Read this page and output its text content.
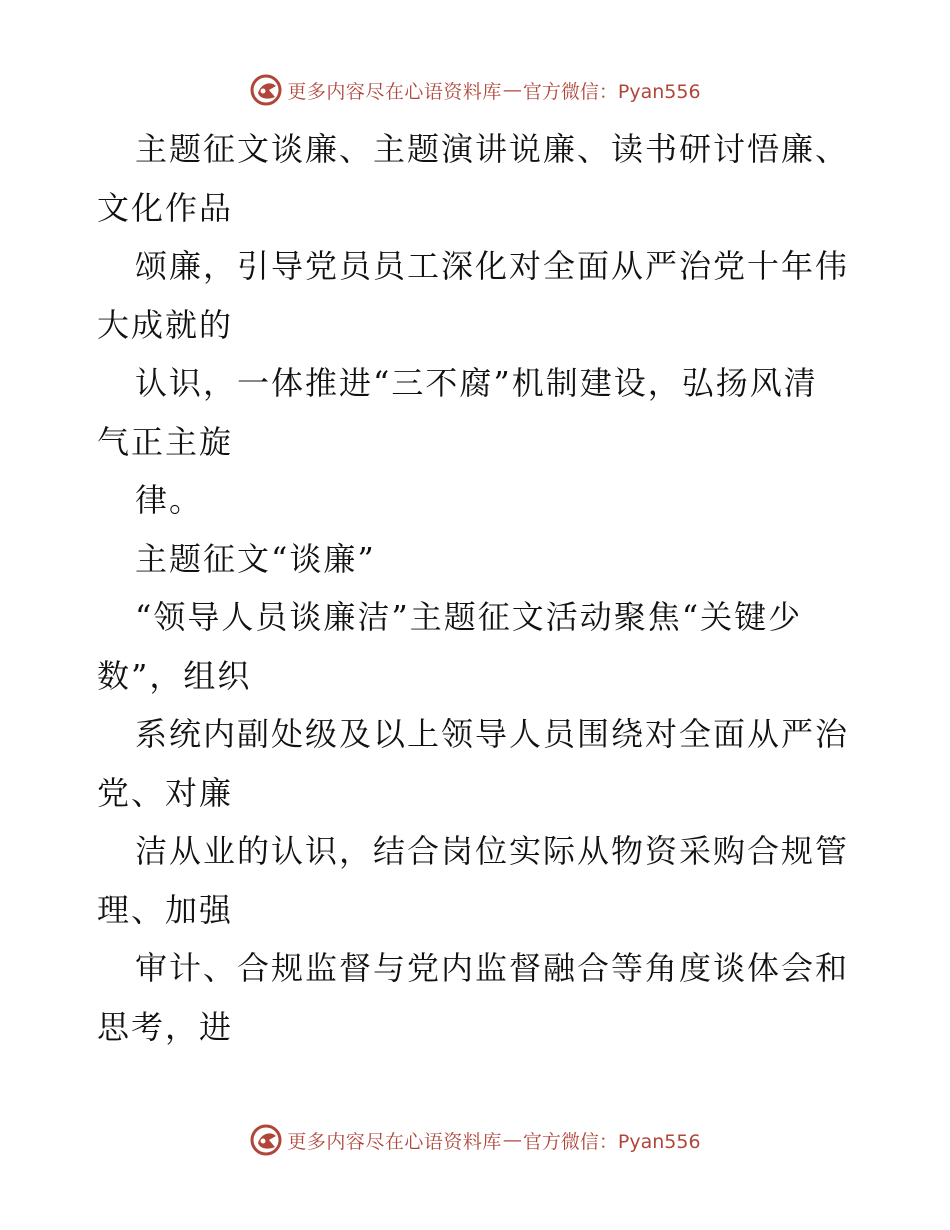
更多内容尽在心语资料库 — 官方微信：Pyan556
主题征文谈廉、主题演讲说廉、读书研讨悟廉、
文化作品
颂廉，引导党员员工深化对全面从严治党十年伟
大成就的
认识，一体推进“三不腐”机制建设，弘扬风清
气正主旋
律。
主题征文“谈廉”
“领导人员谈廉洁”主题征文活动聚焦“关键少
数”，组织
系统内副处级及以上领导人员围绕对全面从严治
党、对廉
洁从业的认识，结合岗位实际从物资采购合规管
理、加强
审计、合规监督与党内监督融合等角度谈体会和
思考，进
更多内容尽在心语资料库 — 官方微信：Pyan556
